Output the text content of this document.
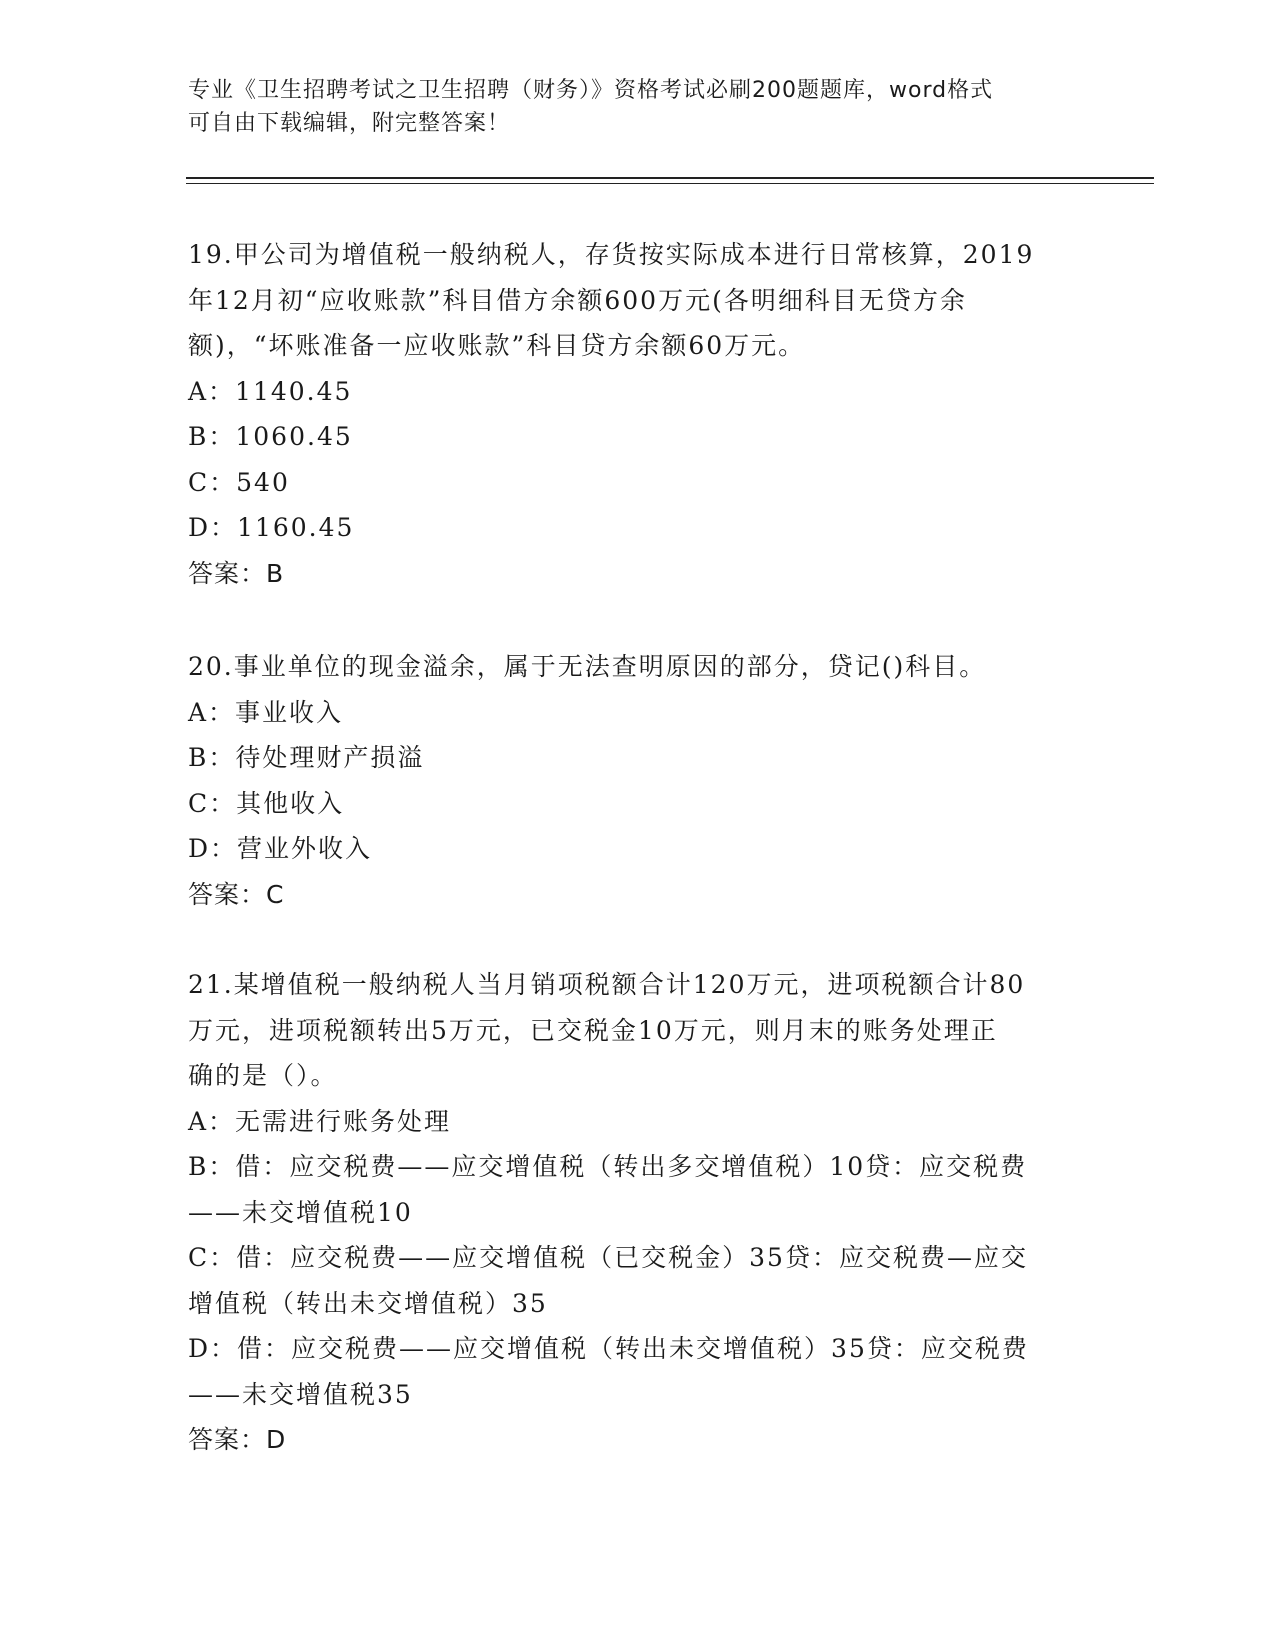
专业《卫生招聘考试之卫生招聘（财务）》资格考试必刷200题题库，word格式
可自由下载编辑，附完整答案！
19.甲公司为增值税一般纳税人，存货按实际成本进行日常核算，2019
年12月初“应收账款”科目借方余额600万元(各明细科目无贷方余
额)，“坏账准备一应收账款”科目贷方余额60万元。
A：1140.45
B：1060.45
C：540
D：1160.45
答案：B
20.事业单位的现金溢余，属于无法查明原因的部分，贷记()科目。
A：事业收入
B：待处理财产损溢
C：其他收入
D：营业外收入
答案：C
21.某增值税一般纳税人当月销项税额合计120万元，进项税额合计80
万元，进项税额转出5万元，已交税金10万元，则月末的账务处理正
确的是（）。
A：无需进行账务处理
B：借：应交税费——应交增值税（转出多交增值税）10贷：应交税费
——未交增值税10
C：借：应交税费——应交增值税（已交税金）35贷：应交税费—应交
增值税（转出未交增值税）35
D：借：应交税费——应交增值税（转出未交增值税）35贷：应交税费
——未交增值税35
答案：D
